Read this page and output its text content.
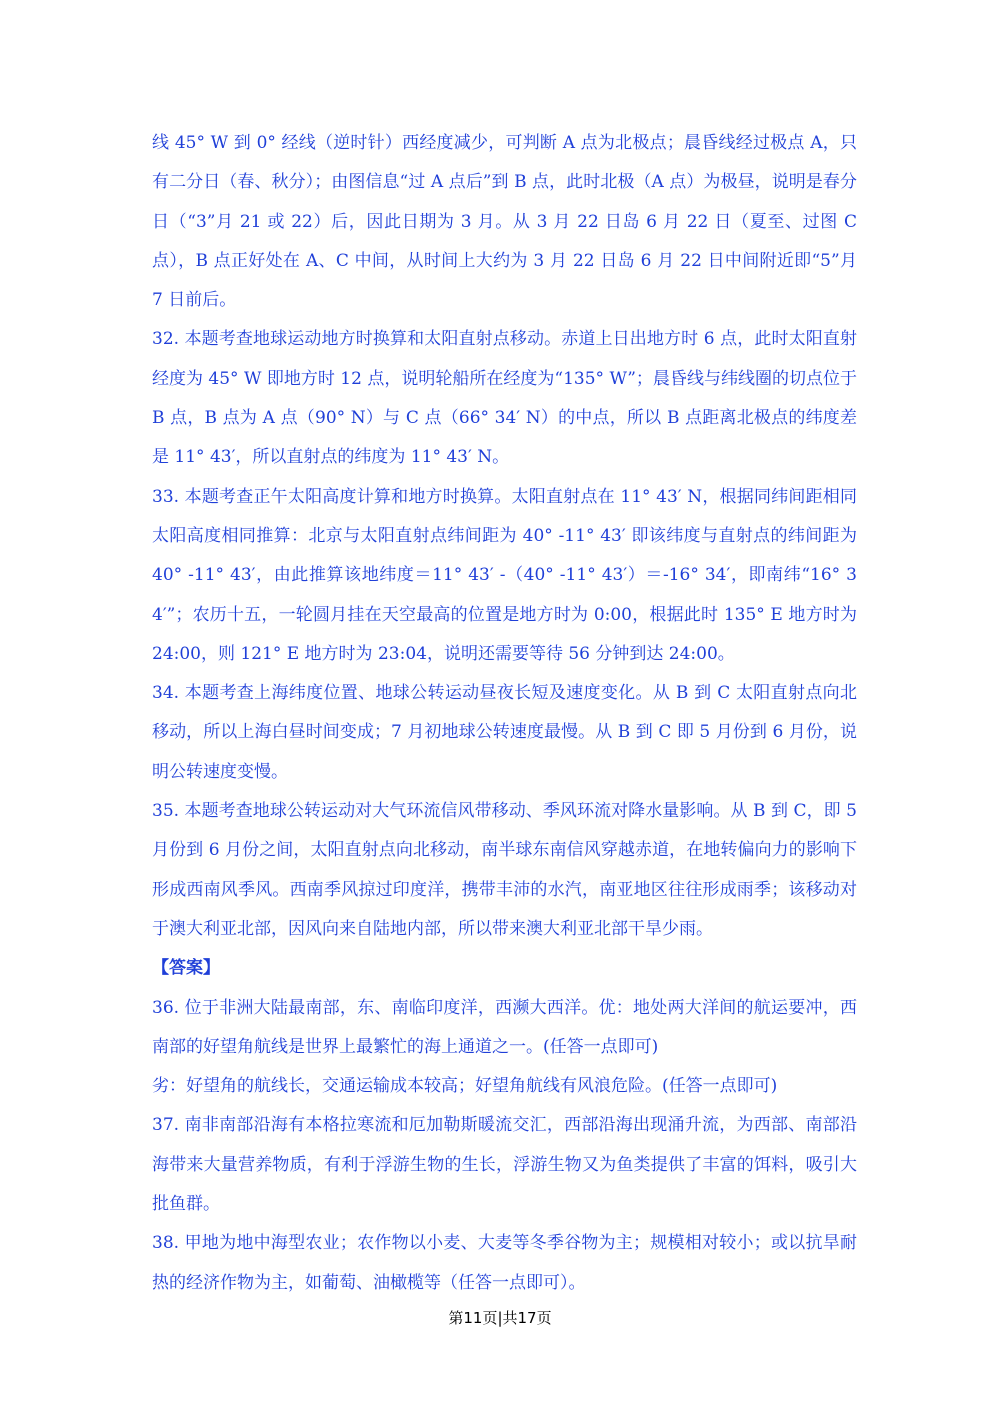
线 45° W 到 0° 经线（逆时针）西经度减少，可判断 A 点为北极点；晨昏线经过极点 A，只有二分日（春、秋分）；由图信息“过 A 点后”到 B 点，此时北极（A 点）为极昼，说明是春分日（“3”月 21 或 22）后，因此日期为 3 月。从 3 月 22 日岛 6 月 22 日（夏至、过图 C 点），B 点正好处在 A、C 中间，从时间上大约为 3 月 22 日岛 6 月 22 日中间附近即“5”月 7 日前后。

32. 本题考查地球运动地方时换算和太阳直射点移动。赤道上日出地方时 6 点，此时太阳直射经度为 45° W 即地方时 12 点，说明轮船所在经度为“135° W”；晨昏线与纬线圈的切点位于 B 点，B 点为 A 点（90° N）与 C 点（66° 34′ N）的中点，所以 B 点距离北极点的纬度差是 11° 43′，所以直射点的纬度为 11° 43′ N。

33. 本题考查正午太阳高度计算和地方时换算。太阳直射点在 11° 43′ N，根据同纬间距相同太阳高度相同推算：北京与太阳直射点纬间距为 40° -11° 43′ 即该纬度与直射点的纬间距为 40° -11° 43′，由此推算该地纬度＝11° 43′ -（40° -11° 43′）＝-16° 34′，即南纬“16° 34′”；农历十五，一轮圆月挂在天空最高的位置是地方时为 0:00，根据此时 135° E 地方时为 24:00，则 121° E 地方时为 23:04，说明还需要等待 56 分钟到达 24:00。

34. 本题考查上海纬度位置、地球公转运动昼夜长短及速度变化。从 B 到 C 太阳直射点向北移动，所以上海白昼时间变成；7 月初地球公转速度最慢。从 B 到 C 即 5 月份到 6 月份，说明公转速度变慢。

35. 本题考查地球公转运动对大气环流信风带移动、季风环流对降水量影响。从 B 到 C，即 5 月份到 6 月份之间，太阳直射点向北移动，南半球东南信风穿越赤道，在地转偏向力的影响下形成西南风季风。西南季风掠过印度洋，携带丰沛的水汽，南亚地区往往形成雨季；该移动对于澳大利亚北部，因风向来自陆地内部，所以带来澳大利亚北部干旱少雨。

【答案】

36. 位于非洲大陆最南部，东、南临印度洋，西濒大西洋。优：地处两大洋间的航运要冲，西南部的好望角航线是世界上最繁忙的海上通道之一。(任答一点即可)

劣：好望角的航线长，交通运输成本较高；好望角航线有风浪危险。(任答一点即可)

37. 南非南部沿海有本格拉寒流和厄加勒斯暖流交汇，西部沿海出现涌升流，为西部、南部沿海带来大量营养物质，有利于浮游生物的生长，浮游生物又为鱼类提供了丰富的饵料，吸引大批鱼群。

38. 甲地为地中海型农业；农作物以小麦、大麦等冬季谷物为主；规模相对较小；或以抗旱耐热的经济作物为主，如葡萄、油橄榄等（任答一点即可）。

第11页|共17页
